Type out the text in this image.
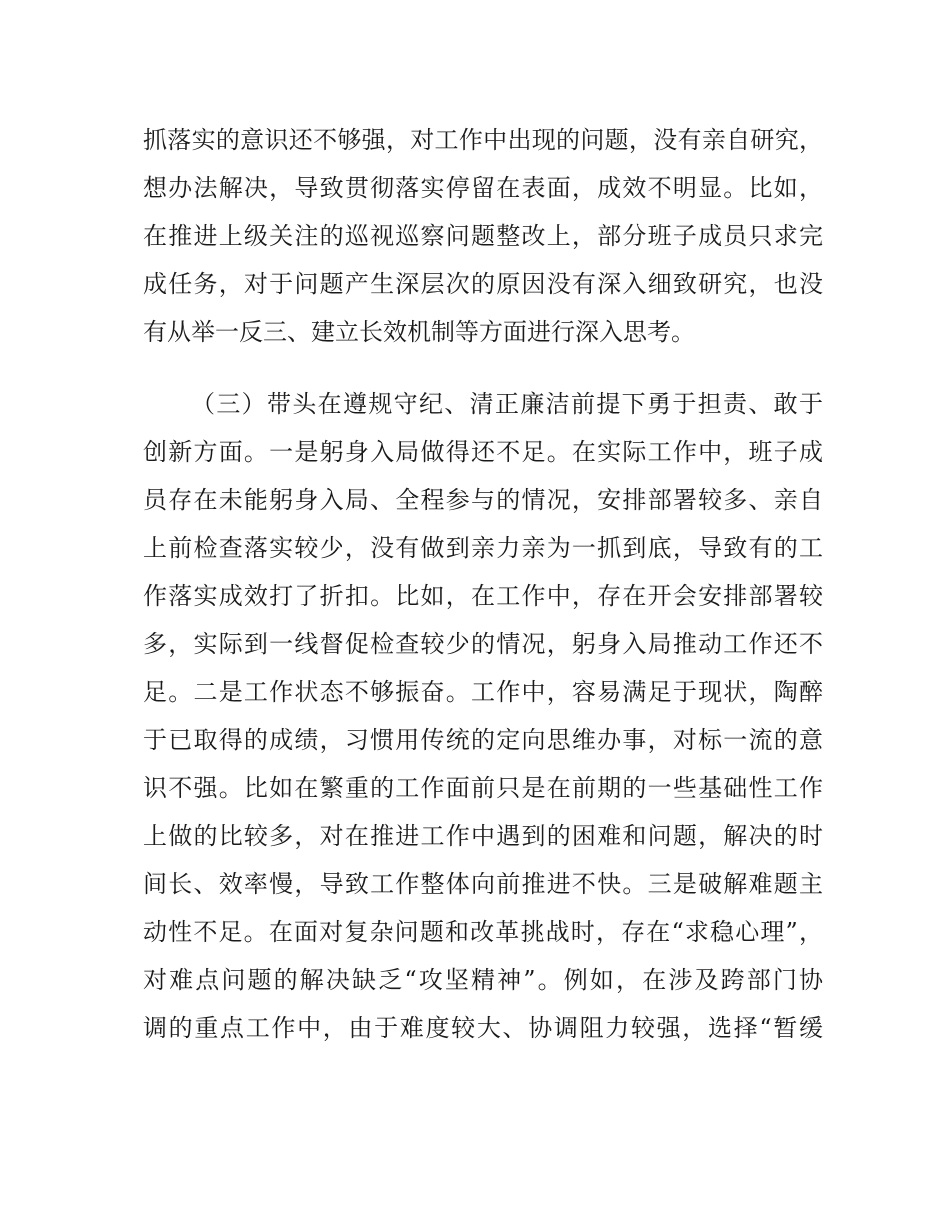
抓落实的意识还不够强，对工作中出现的问题，没有亲自研究，
想办法解决，导致贯彻落实停留在表面，成效不明显。比如，
在推进上级关注的巡视巡察问题整改上，部分班子成员只求完
成任务，对于问题产生深层次的原因没有深入细致研究，也没
有从举一反三、建立长效机制等方面进行深入思考。
（三）带头在遵规守纪、清正廉洁前提下勇于担责、敢于
创新方面。一是躬身入局做得还不足。在实际工作中，班子成
员存在未能躬身入局、全程参与的情况，安排部署较多、亲自
上前检查落实较少，没有做到亲力亲为一抓到底，导致有的工
作落实成效打了折扣。比如，在工作中，存在开会安排部署较
多，实际到一线督促检查较少的情况，躬身入局推动工作还不
足。二是工作状态不够振奋。工作中，容易满足于现状，陶醉
于已取得的成绩，习惯用传统的定向思维办事，对标一流的意
识不强。比如在繁重的工作面前只是在前期的一些基础性工作
上做的比较多，对在推进工作中遇到的困难和问题，解决的时
间长、效率慢，导致工作整体向前推进不快。三是破解难题主
动性不足。在面对复杂问题和改革挑战时，存在“求稳心理”，
对难点问题的解决缺乏“攻坚精神”。例如，在涉及跨部门协
调的重点工作中，由于难度较大、协调阻力较强，选择“暂缓
